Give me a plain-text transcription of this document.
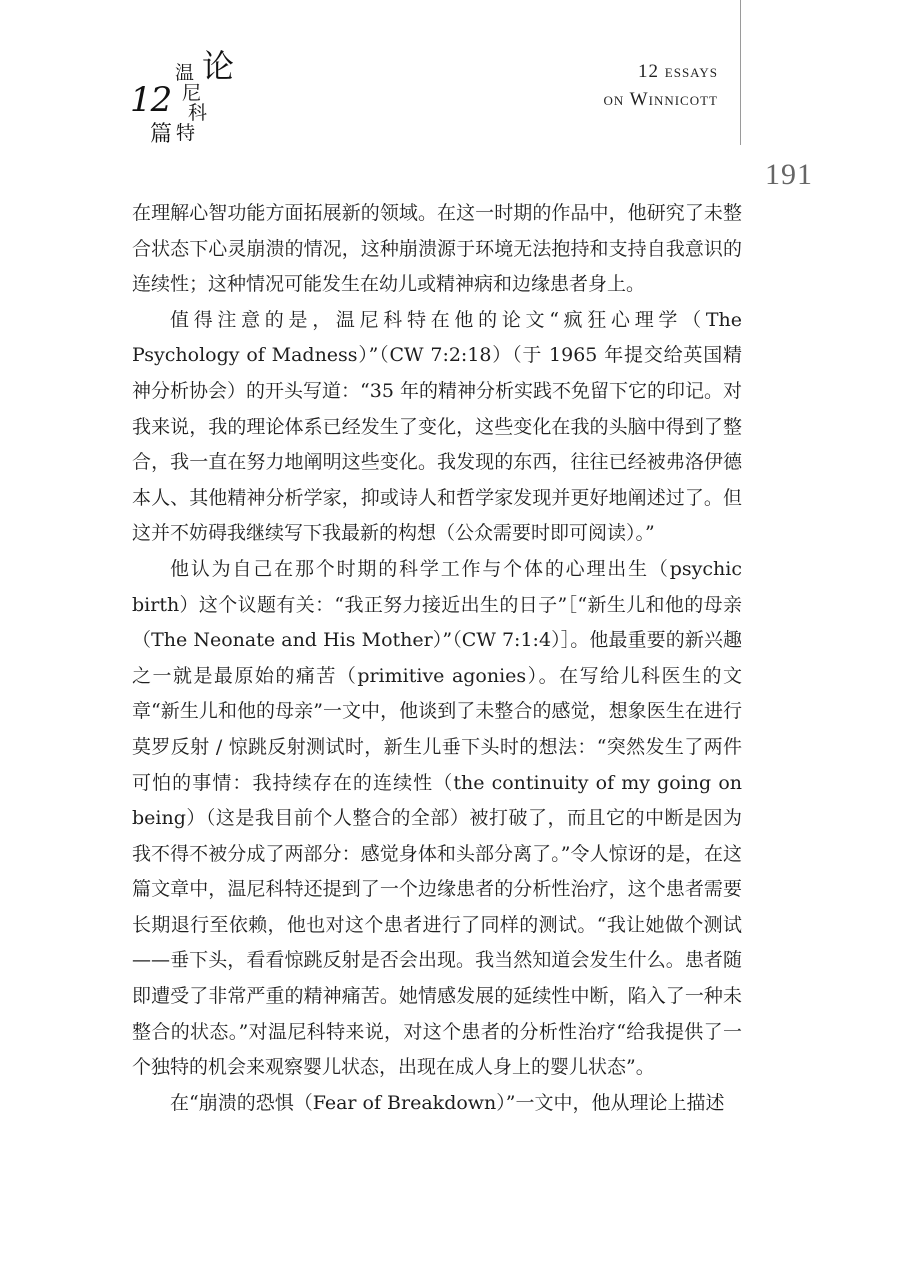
12
论
温
尼
科
特
篇
12 essays
on Winnicott
191

在理解心智功能方面拓展新的领域。在这一时期的作品中，他研究了未整合状态下心灵崩溃的情况，这种崩溃源于环境无法抱持和支持自我意识的连续性；这种情况可能发生在幼儿或精神病和边缘患者身上。

值得注意的是，温尼科特在他的论文“疯狂心理学（The Psychology of Madness）”（CW 7:2:18）（于 1965 年提交给英国精神分析协会）的开头写道：“35 年的精神分析实践不免留下它的印记。对我来说，我的理论体系已经发生了变化，这些变化在我的头脑中得到了整合，我一直在努力地阐明这些变化。我发现的东西，往往已经被弗洛伊德本人、其他精神分析学家，抑或诗人和哲学家发现并更好地阐述过了。但这并不妨碍我继续写下我最新的构想（公众需要时即可阅读）。”

他认为自己在那个时期的科学工作与个体的心理出生（psychic birth）这个议题有关：“我正努力接近出生的日子”［“新生儿和他的母亲（The Neonate and His Mother）”（CW 7:1:4）］。他最重要的新兴趣之一就是最原始的痛苦（primitive agonies）。在写给儿科医生的文章“新生儿和他的母亲”一文中，他谈到了未整合的感觉，想象医生在进行莫罗反射 / 惊跳反射测试时，新生儿垂下头时的想法：“突然发生了两件可怕的事情：我持续存在的连续性（the continuity of my going on being）（这是我目前个人整合的全部）被打破了，而且它的中断是因为我不得不被分成了两部分：感觉身体和头部分离了。”令人惊讶的是，在这篇文章中，温尼科特还提到了一个边缘患者的分析性治疗，这个患者需要长期退行至依赖，他也对这个患者进行了同样的测试。“我让她做个测试——垂下头，看看惊跳反射是否会出现。我当然知道会发生什么。患者随即遭受了非常严重的精神痛苦。她情感发展的延续性中断，陷入了一种未整合的状态。”对温尼科特来说，对这个患者的分析性治疗“给我提供了一个独特的机会来观察婴儿状态，出现在成人身上的婴儿状态”。

在“崩溃的恐惧（Fear of Breakdown）”一文中，他从理论上描述
